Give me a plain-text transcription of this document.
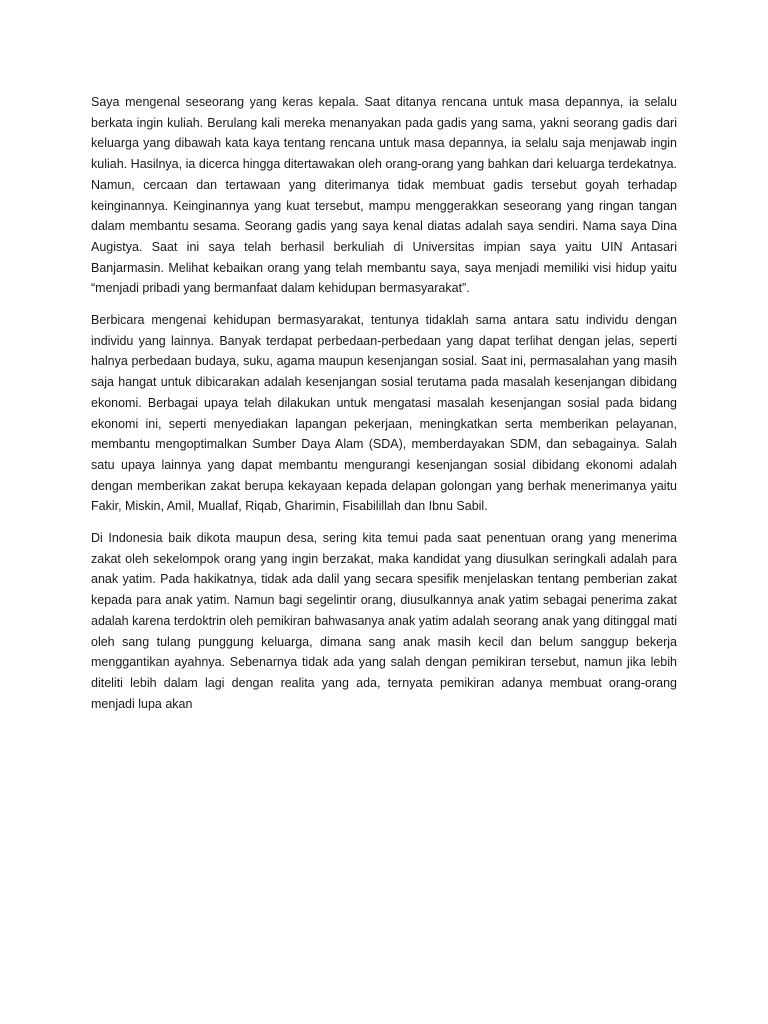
Saya mengenal seseorang yang keras kepala. Saat ditanya rencana untuk masa depannya, ia selalu berkata ingin kuliah. Berulang kali mereka menanyakan pada gadis yang sama, yakni seorang gadis dari keluarga yang dibawah kata kaya tentang rencana untuk masa depannya, ia selalu saja menjawab ingin kuliah. Hasilnya, ia dicerca hingga ditertawakan oleh orang-orang yang bahkan dari keluarga terdekatnya. Namun, cercaan dan tertawaan yang diterimanya tidak membuat gadis tersebut goyah terhadap keinginannya. Keinginannya yang kuat tersebut, mampu menggerakkan seseorang yang ringan tangan dalam membantu sesama. Seorang gadis yang saya kenal diatas adalah saya sendiri. Nama saya Dina Augistya. Saat ini saya telah berhasil berkuliah di Universitas impian saya yaitu UIN Antasari Banjarmasin. Melihat kebaikan orang yang telah membantu saya, saya menjadi memiliki visi hidup yaitu “menjadi pribadi yang bermanfaat dalam kehidupan bermasyarakat”.

Berbicara mengenai kehidupan bermasyarakat, tentunya tidaklah sama antara satu individu dengan individu yang lainnya. Banyak terdapat perbedaan-perbedaan yang dapat terlihat dengan jelas, seperti halnya perbedaan budaya, suku, agama maupun kesenjangan sosial. Saat ini, permasalahan yang masih saja hangat untuk dibicarakan adalah kesenjangan sosial terutama pada masalah kesenjangan dibidang ekonomi. Berbagai upaya telah dilakukan untuk mengatasi masalah kesenjangan sosial pada bidang ekonomi ini, seperti menyediakan lapangan pekerjaan, meningkatkan serta memberikan pelayanan, membantu mengoptimalkan Sumber Daya Alam (SDA), memberdayakan SDM, dan sebagainya. Salah satu upaya lainnya yang dapat membantu mengurangi kesenjangan sosial dibidang ekonomi adalah dengan memberikan zakat berupa kekayaan kepada delapan golongan yang berhak menerimanya yaitu Fakir, Miskin, Amil, Muallaf, Riqab, Gharimin, Fisabilillah dan Ibnu Sabil.

Di Indonesia baik dikota maupun desa, sering kita temui pada saat penentuan orang yang menerima zakat oleh sekelompok orang yang ingin berzakat, maka kandidat yang diusulkan seringkali adalah para anak yatim. Pada hakikatnya, tidak ada dalil yang secara spesifik menjelaskan tentang pemberian zakat kepada para anak yatim. Namun bagi segelintir orang, diusulkannya anak yatim sebagai penerima zakat adalah karena terdoktrin oleh pemikiran bahwasanya anak yatim adalah seorang anak yang ditinggal mati oleh sang tulang punggung keluarga, dimana sang anak masih kecil dan belum sanggup bekerja menggantikan ayahnya. Sebenarnya tidak ada yang salah dengan pemikiran tersebut, namun jika lebih diteliti lebih dalam lagi dengan realita yang ada, ternyata pemikiran adanya membuat orang-orang menjadi lupa akan
